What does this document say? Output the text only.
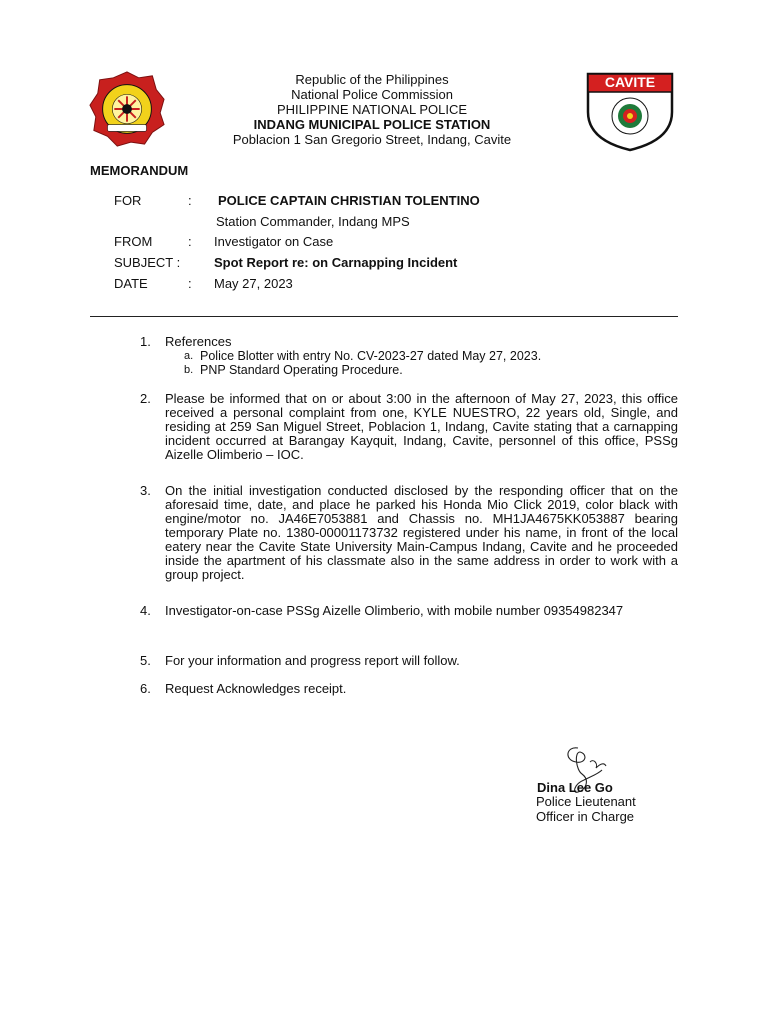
CAVITE
Republic of the Philippines
National Police Commission
PHILIPPINE NATIONAL POLICE
INDANG MUNICIPAL POLICE STATION
Poblacion 1 San Gregorio Street, Indang, Cavite
MEMORANDUM
FOR	: POLICE CAPTAIN CHRISTIAN TOLENTINO
Station Commander, Indang MPS
FROM	: Investigator on Case
SUBJECT :	Spot Report re: on Carnapping Incident
DATE	: May 27, 2023
1.	References
a. Police Blotter with entry No. CV-2023-27 dated May 27, 2023.
b. PNP Standard Operating Procedure.
2.	Please be informed that on or about 3:00 in the afternoon of May 27, 2023, this office received a personal complaint from one, KYLE NUESTRO, 22 years old, Single, and residing at 259 San Miguel Street, Poblacion 1, Indang, Cavite stating that a carnapping incident occurred at Barangay Kayquit, Indang, Cavite, personnel of this office, PSSg Aizelle Olimberio – IOC.
3.	On the initial investigation conducted disclosed by the responding officer that on the aforesaid time, date, and place he parked his Honda Mio Click 2019, color black with engine/motor no. JA46E7053881 and Chassis no. MH1JA4675KK053887 bearing temporary Plate no. 1380-00001173732 registered under his name, in front of the local eatery near the Cavite State University Main-Campus Indang, Cavite and he proceeded inside the apartment of his classmate also in the same address in order to work with a group project.
4.	Investigator-on-case PSSg Aizelle Olimberio, with mobile number 09354982347
5.	For your information and progress report will follow.
6.	Request Acknowledges receipt.
Dina Lee Go
Police Lieutenant
Officer in Charge
